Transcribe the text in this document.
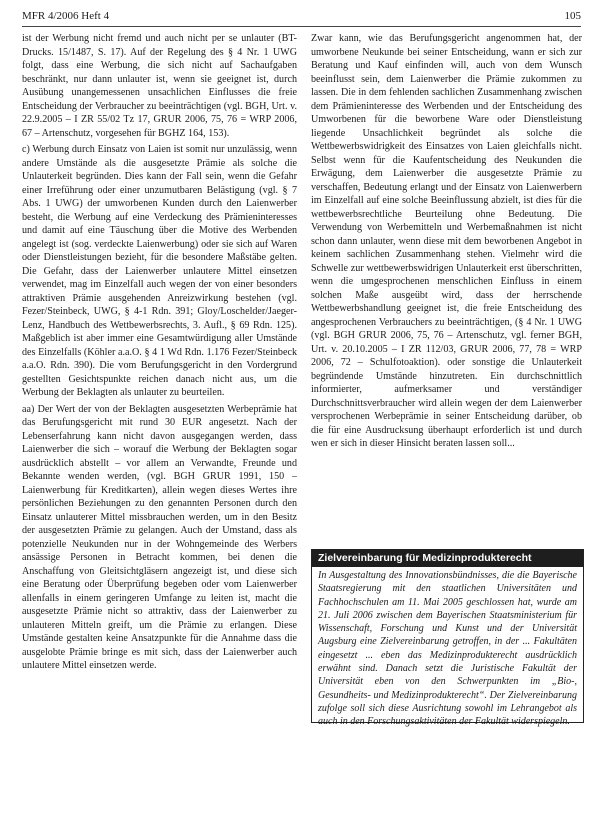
MFR 4/2006 Heft 4	105

ist der Werbung nicht fremd und auch nicht per se unlauter (BT-Drucks. 15/1487, S. 17). Auf der Regelung des § 4 Nr. 1 UWG folgt, dass eine Werbung, die sich nicht auf Sachaufgaben beschränkt, nur dann unlauter ist, wenn sie geeignet ist, durch Ausübung unangemessenen unsachlichen Einflusses die freie Entscheidung der Verbraucher zu beeinträchtigen (vgl. BGH, Urt. v. 22.9.2005 – I ZR 55/02 Tz 17, GRUR 2006, 75, 76 = WRP 2006, 67 – Artenschutz, vorgesehen für BGHZ 164, 153).

c) Werbung durch Einsatz von Laien ist somit nur unzulässig, wenn andere Umstände als die ausgesetzte Prämie als solche die Unlauterkeit begründen. Dies kann der Fall sein, wenn die Gefahr einer Irreführung oder einer unzumutbaren Belästigung (vgl. § 7 Abs. 1 UWG) der umworbenen Kunden durch den Laienwerber besteht, die Werbung auf eine Verdeckung des Prämieninteresses und damit auf eine Täuschung über die Motive des Werbenden angelegt ist (sog. verdeckte Laienwerbung) oder sie sich auf Waren oder Dienstleistungen bezieht, für die besondere Maßstäbe gelten. Die Gefahr, dass der Laienwerber unlautere Mittel einsetzen verwendet, mag im Einzelfall auch wegen der von einer besonders attraktiven Prämie ausgehenden Anreizwirkung bestehen (vgl. Fezer/Steinbeck, UWG, § 4-1 Rdn. 391; Gloy/Loschelder/Jaeger-Lenz, Handbuch des Wettbewerbsrechts, 3. Aufl., § 69 Rdn. 125). Maßgeblich ist aber immer eine Gesamtwürdigung aller Umstände des Einzelfalls (Köhler a.a.O. § 4 1 Wd Rdn. 1.176 Fezer/Steinbeck a.a.O. Rdn. 390). Die vom Berufungsgericht in den Vordergrund gestellten Gesichtspunkte reichen danach nicht aus, um die Werbung der Beklagten als unlauter zu beurteilen.

aa) Der Wert der von der Beklagten ausgesetzten Werbeprämie hat das Berufungsgericht mit rund 30 EUR angesetzt. Nach der Lebenserfahrung kann nicht davon ausgegangen werden, dass Laienwerber die sich – worauf die Werbung der Beklagten sogar ausdrücklich abstellt – vor allem an Verwandte, Freunde und Bekannte wenden werden, (vgl. BGH GRUR 1991, 150 – Laienwerbung für Kreditkarten), allein wegen dieses Wertes ihre persönlichen Beziehungen zu den genannten Personen durch den Einsatz unlauterer Mittel missbrauchen werden, um in den Besitz der ausgesetzten Prämie zu gelangen. Auch der Umstand, dass als potenzielle Neukunden nur in der Wohngemeinde des Werbers ansässige Personen in Betracht kommen, bei denen die Anschaffung von Gleitsichtgläsern angezeigt ist, und diese sich eine Beratung oder Überprüfung begeben oder vom Laienwerber allenfalls in einem geringeren Umfange zu leiten ist, macht die ausgesetzte Prämie nicht so attraktiv, dass der Laienwerber zu unlauteren Mitteln greift, um die Prämie zu erlangen. Diese Umstände gestalten keine Ansatzpunkte für die Annahme dass die ausgelobte Prämie bringe es mit sich, dass der Laienwerber auch unlautere Mittel einsetzen werde.

Zwar kann, wie das Berufungsgericht angenommen hat, der umworbene Neukunde bei seiner Entscheidung, wann er sich zur Beratung und Kauf einfinden will, auch von dem Wunsch beeinflusst sein, dem Laienwerber die Prämie zukommen zu lassen. Die in dem fehlenden sachlichen Zusammenhang zwischen dem Prämieninteresse des Werbenden und der Entscheidung des Umworbenen für die beworbene Ware oder Dienstleistung liegende Unsachlichkeit begründet als solche die Wettbewerbswidrigkeit des Einsatzes von Laien gleichfalls nicht. Selbst wenn für die Kaufentscheidung des Neukunden die Erwägung, dem Laienwerber die ausgesetzte Prämie zu verschaffen, Bedeutung erlangt und der Einsatz von Laienwerbern im Einzelfall auf eine solche Beeinflussung abzielt, ist dies für die wettbewerbsrechtliche Beurteilung ohne Bedeutung. Die Verwendung von Werbemitteln und Werbemaßnahmen ist nicht schon dann unlauter, wenn diese mit dem beworbenen Angebot in keinem sachlichen Zusammenhang stehen. Vielmehr wird die Schwelle zur wettbewerbswidrigen Unlauterkeit erst überschritten, wenn die umgesprochenen menschlichen Einfluss in einem solchen Maße ausgeübt wird, dass der herrschende Wettbewerbshandlung geeignet ist, die freie Entscheidung des angesprochenen Verbrauchers zu beeinträchtigen, (§ 4 Nr. 1 UWG (vgl. BGH GRUR 2006, 75, 76 – Artenschutz, vgl. ferner BGH, Urt. v. 20.10.2005 – I ZR 112/03, GRUR 2006, 77, 78 = WRP 2006, 72 – Schulfotoaktion). oder sonstige die Unlauterkeit begründende Umstände hinzutreten. Ein durchschnittlich informierter, aufmerksamer und verständiger Durchschnittsverbraucher wird allein wegen der dem Laienwerber versprochenen Werbeprämie in seiner Entscheidung darüber, ob die für eine Ausdrucksung überhaupt erforderlich ist und durch wen er sich in dieser Hinsicht beraten lassen soll...

Zielvereinbarung für Medizinprodukterecht
In Ausgestaltung des Innovationsbündnisses, die die Bayerische Staatsregierung mit den staatlichen Universitäten und Fachhochschulen am 11. Mai 2005 geschlossen hat, wurde am 21. Juli 2006 zwischen dem Bayerischen Staatsministerium für Wissenschaft, Forschung und Kunst und der Universität Augsburg eine Zielvereinbarung getroffen, in der ... Fakultäten eingesetzt ... eben das Medizinprodukterecht ausdrücklich erwähnt sind. Danach setzt die Juristische Fakultät der Universität eben von den Schwerpunkten im „Bio-, Gesundheits- und Medizinprodukterecht“. Der Zielvereinbarung zufolge soll sich diese Ausrichtung sowohl im Lehrangebot als auch in den Forschungsaktivitäten der Fakultät widerspiegeln.
